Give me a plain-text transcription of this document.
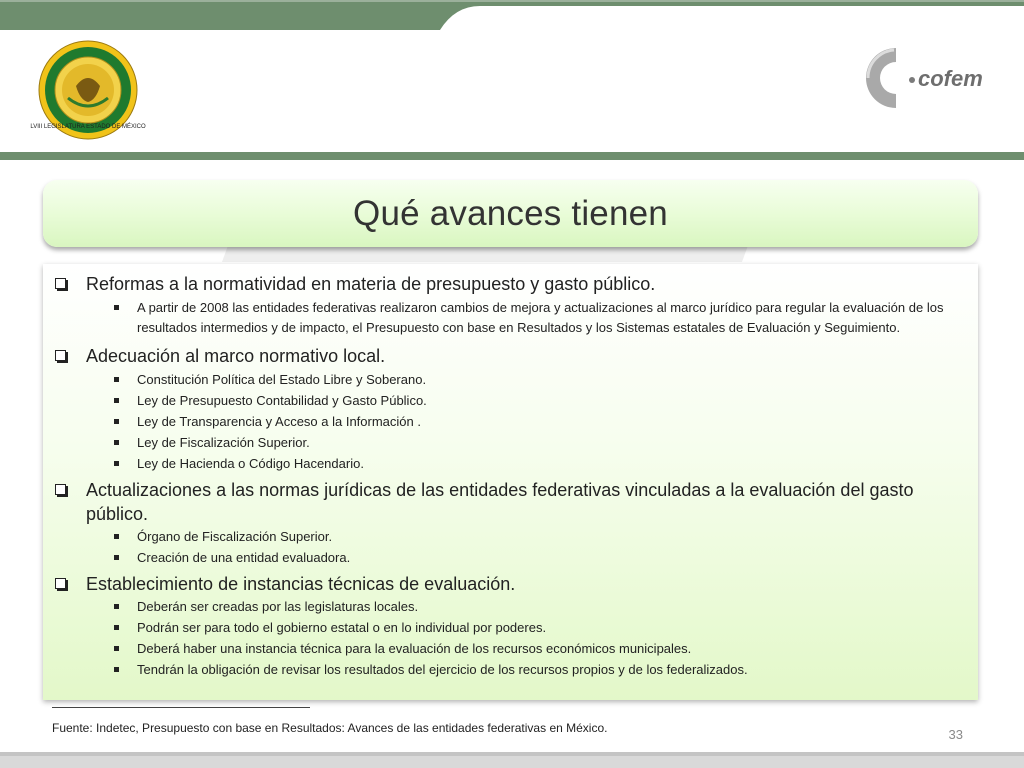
LVIII LEGISLATURA ESTADO DE MÉXICO
cofem
Qué avances tienen
Reformas a la normatividad en materia de presupuesto y gasto público.
A partir de 2008 las entidades federativas realizaron cambios de mejora y actualizaciones al marco jurídico para regular la evaluación de los resultados intermedios y de impacto, el Presupuesto con base en Resultados y los Sistemas estatales de Evaluación y Seguimiento.
Adecuación al marco normativo local.
Constitución Política del Estado Libre y Soberano.
Ley de Presupuesto Contabilidad y Gasto Público.
Ley de Transparencia y Acceso a la Información .
Ley de Fiscalización Superior.
Ley de Hacienda o Código Hacendario.
Actualizaciones a las normas jurídicas de las entidades federativas vinculadas a la evaluación del gasto público.
Órgano de Fiscalización Superior.
Creación de una entidad evaluadora.
Establecimiento de instancias técnicas de evaluación.
Deberán ser creadas por las legislaturas locales.
Podrán ser para todo el gobierno estatal o en lo individual por poderes.
Deberá haber una instancia técnica para la evaluación de los recursos económicos municipales.
Tendrán la obligación de revisar los resultados del ejercicio de los recursos propios y de los federalizados.
Fuente: Indetec, Presupuesto con base en Resultados: Avances de las entidades federativas en México.	33
